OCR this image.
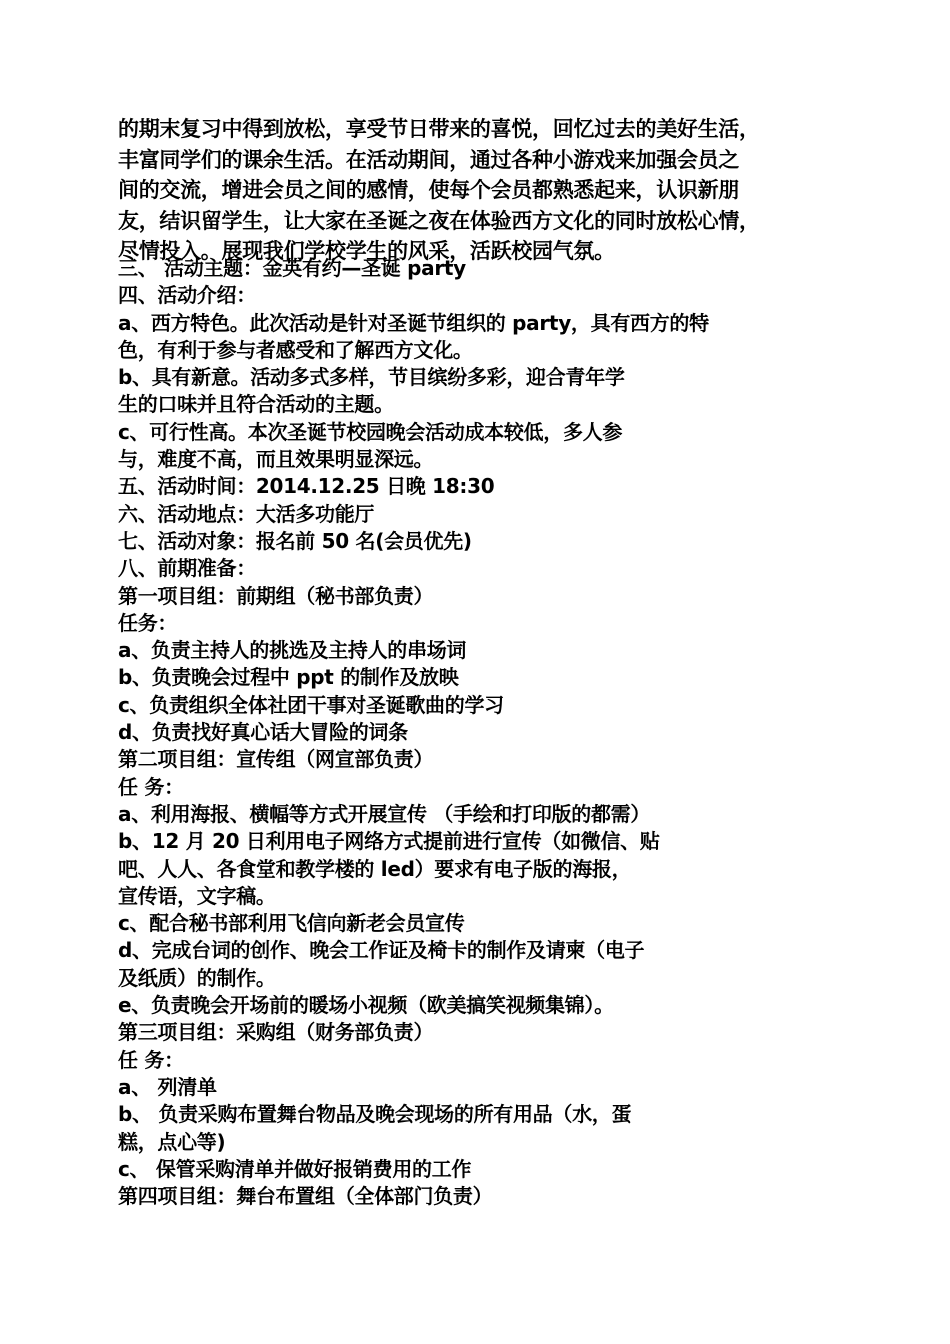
的期末复习中得到放松，享受节日带来的喜悦，回忆过去的美好生活，
丰富同学们的课余生活。在活动期间，通过各种小游戏来加强会员之
间的交流，增进会员之间的感情，使每个会员都熟悉起来，认识新朋
友，结识留学生，让大家在圣诞之夜在体验西方文化的同时放松心情，
尽情投入。展现我们学校学生的风采，活跃校园气氛。
三、 活动主题：金英有约—圣诞 party
四、活动介绍：
a、西方特色。此次活动是针对圣诞节组织的 party，具有西方的特
色，有利于参与者感受和了解西方文化。
b、具有新意。活动多式多样，节目缤纷多彩，迎合青年学
生的口味并且符合活动的主题。
c、可行性高。本次圣诞节校园晚会活动成本较低，多人参
与，难度不高，而且效果明显深远。
五、活动时间：2014.12.25 日晚 18:30
六、活动地点：大活多功能厅
七、活动对象：报名前 50 名(会员优先)
八、前期准备：
第一项目组：前期组（秘书部负责）
任务：
a、负责主持人的挑选及主持人的串场词
b、负责晚会过程中 ppt 的制作及放映
c、负责组织全体社团干事对圣诞歌曲的学习
d、负责找好真心话大冒险的词条
第二项目组：宣传组（网宣部负责）
任 务：
a、利用海报、横幅等方式开展宣传 （手绘和打印版的都需）
b、12 月 20 日利用电子网络方式提前进行宣传（如微信、贴
吧、人人、各食堂和教学楼的 led）要求有电子版的海报，
宣传语，文字稿。
c、配合秘书部利用飞信向新老会员宣传
d、完成台词的创作、晚会工作证及椅卡的制作及请柬（电子
及纸质）的制作。
e、负责晚会开场前的暖场小视频（欧美搞笑视频集锦）。
第三项目组：采购组（财务部负责）
任 务：
a、 列清单
b、 负责采购布置舞台物品及晚会现场的所有用品（水，蛋
糕，点心等)
c、 保管采购清单并做好报销费用的工作
第四项目组：舞台布置组（全体部门负责）
